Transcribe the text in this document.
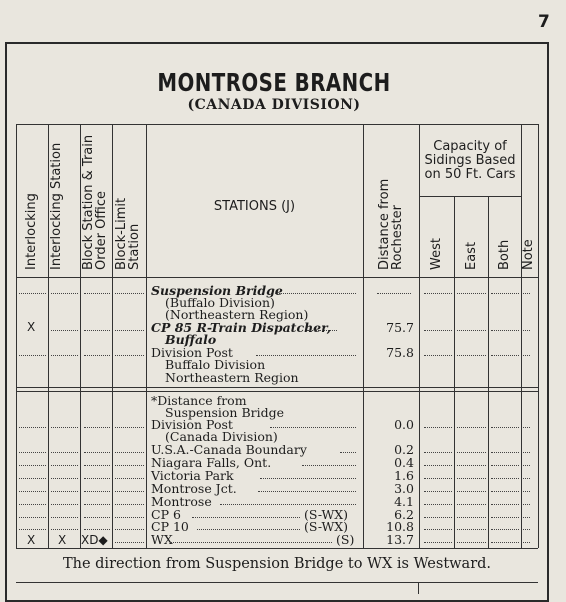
7
MONTROSE BRANCH
(CANADA DIVISION)
Interlocking Interlocking Station Block Station & Train Order Office Block-Limit Station
STATIONS (J)	Distance from Rochester
Capacity of Sidings Based on 50 Ft. Cars
West East Both Note
Suspension Bridge
(Buffalo Division)
(Northeastern Region)
CP 85 R-Train Dispatcher,
Buffalo
Division Post
Buffalo Division
Northeastern Region
X	75.7
75.8
*Distance from
Suspension Bridge
Division Post
(Canada Division)
U.S.A.-Canada Boundary
Niagara Falls, Ont.
Victoria Park
Montrose Jct.
Montrose
CP 6
CP 10
WX
(S-WX)
(S-WX)
(S)
0.0
0.2
0.4
1.6
3.0
4.1
6.2
10.8
13.7
X X XD◆
The direction from Suspension Bridge to WX is Westward.
